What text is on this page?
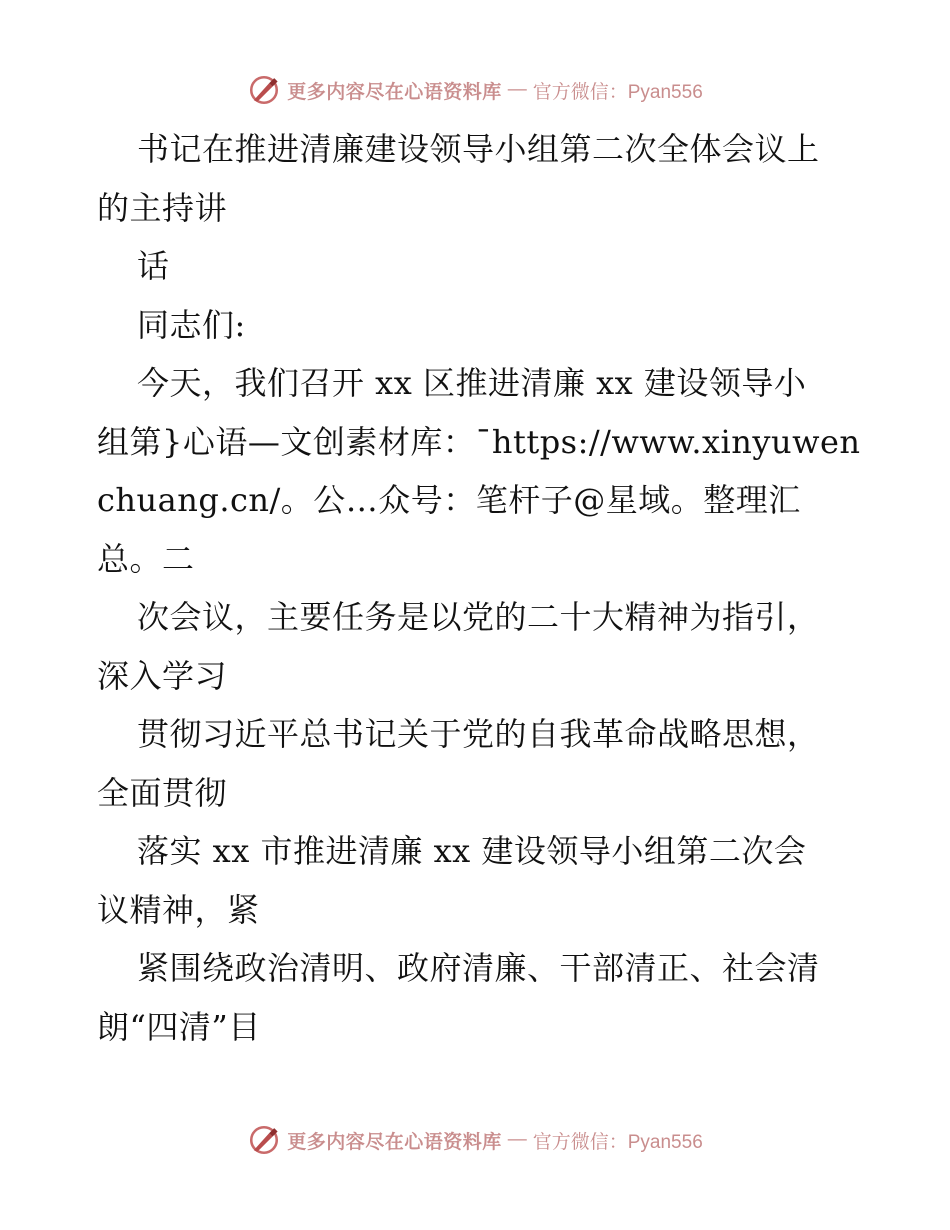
更多内容尽在心语资料库 — 官方微信：Pyan556
书记在推进清廉建设领导小组第二次全体会议上
的主持讲
话
同志们:
今天，我们召开 xx 区推进清廉 xx 建设领导小
组第}心语—文创素材库：¯https://www.xinyuwen
chuang.cn/。公…众号：笔杆子@星域。整理汇
总。二
次会议，主要任务是以党的二十大精神为指引，
深入学习
贯彻习近平总书记关于党的自我革命战略思想，
全面贯彻
落实 xx 市推进清廉 xx 建设领导小组第二次会
议精神，紧
紧围绕政治清明、政府清廉、干部清正、社会清
朗“四清”目
更多内容尽在心语资料库 — 官方微信：Pyan556
